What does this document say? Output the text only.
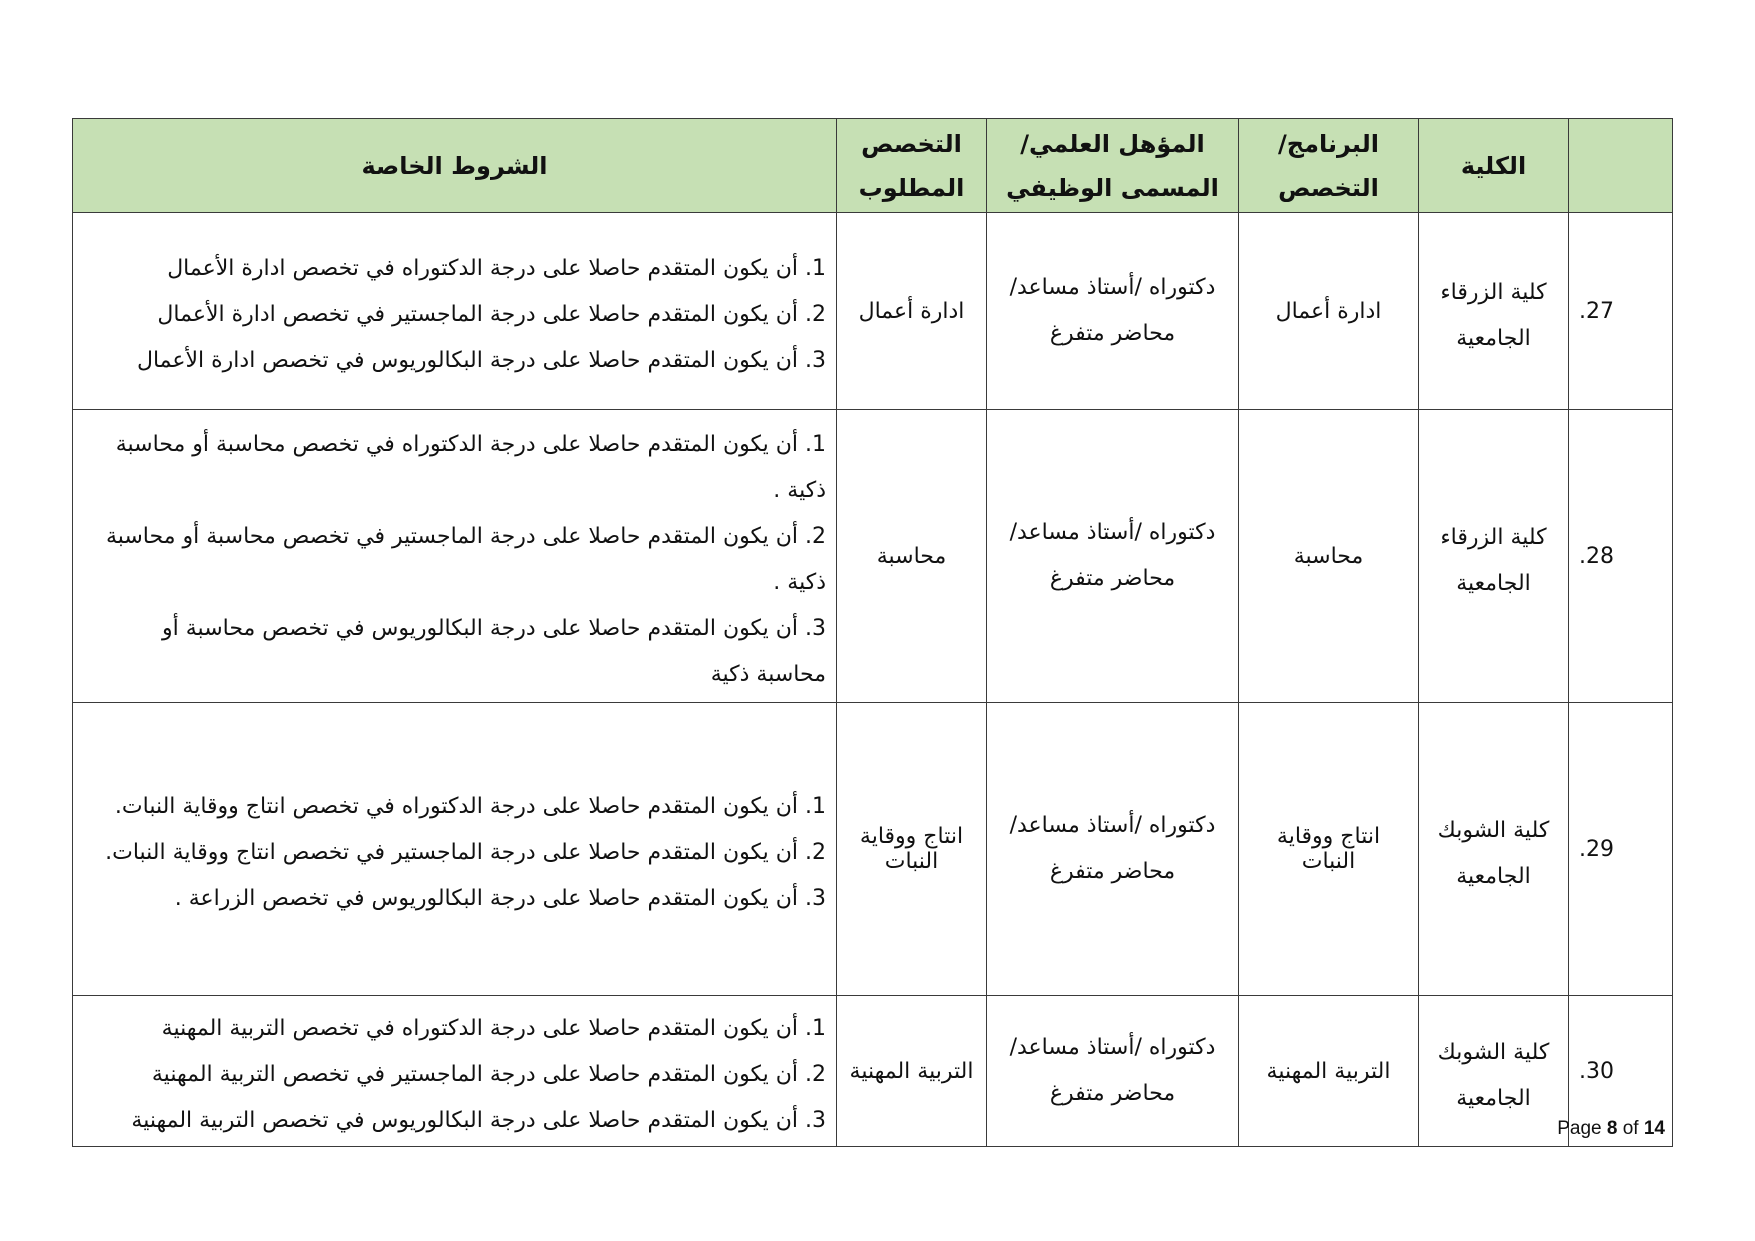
	الكلية	البرنامج/ التخصص	المؤهل العلمي/المسمى الوظيفي	التخصص المطلوب	الشروط الخاصة
27.	كلية الزرقاء الجامعية	ادارة أعمال	دكتوراه /أستاذ مساعد/محاضر متفرغ	ادارة أعمال	1. أن يكون المتقدم حاصلا على درجة الدكتوراه في تخصص ادارة الأعمال
2. أن يكون المتقدم حاصلا على درجة الماجستير في تخصص ادارة الأعمال
3. أن يكون المتقدم حاصلا على درجة البكالوريوس في تخصص ادارة الأعمال

28.	كلية الزرقاء الجامعية	محاسبة	دكتوراه /أستاذ مساعد/محاضر متفرغ	محاسبة	1. أن يكون المتقدم حاصلا على درجة الدكتوراه في تخصص محاسبة أو محاسبة ذكية .
2. أن يكون المتقدم حاصلا على درجة الماجستير في تخصص محاسبة أو محاسبة ذكية .
3. أن يكون المتقدم حاصلا على درجة البكالوريوس في تخصص محاسبة أو محاسبة ذكية

29.	كلية الشوبك الجامعية	انتاج ووقاية النبات	دكتوراه /أستاذ مساعد/محاضر متفرغ	انتاج ووقاية النبات	1. أن يكون المتقدم حاصلا على درجة الدكتوراه في تخصص انتاج ووقاية النبات.
2. أن يكون المتقدم حاصلا على درجة الماجستير في تخصص انتاج ووقاية النبات.
3. أن يكون المتقدم حاصلا على درجة البكالوريوس في تخصص الزراعة .

30.	كلية الشوبك الجامعية	التربية المهنية	دكتوراه /أستاذ مساعد/محاضر متفرغ	التربية المهنية	1. أن يكون المتقدم حاصلا على درجة الدكتوراه في تخصص التربية المهنية
2. أن يكون المتقدم حاصلا على درجة الماجستير في تخصص التربية المهنية
3. أن يكون المتقدم حاصلا على درجة البكالوريوس في تخصص التربية المهنية	Page 8 of 14
